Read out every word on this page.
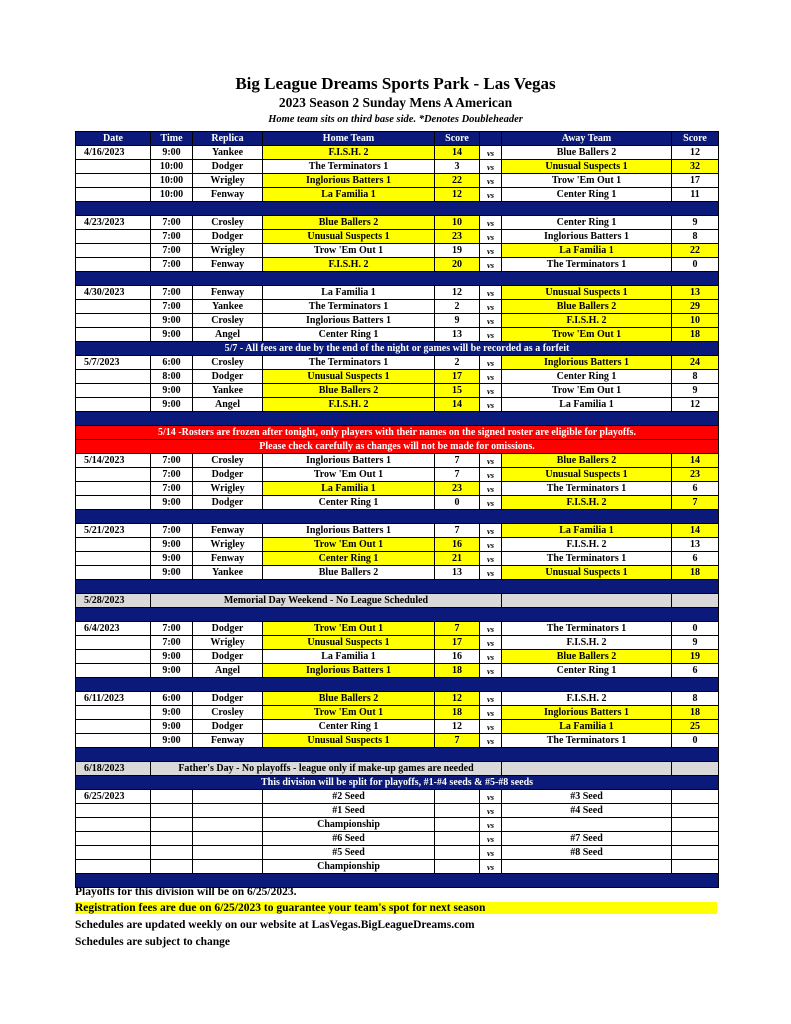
Big League Dreams Sports Park - Las Vegas
2023 Season 2 Sunday Mens A American
Home team sits on third base side. *Denotes Doubleheader
Date	Time	Replica	Home Team	Score		Away Team	Score
4/16/2023	9:00	Yankee	F.I.S.H. 2	14	vs	Blue Ballers 2	12
	10:00	Dodger	The Terminators 1	3	vs	Unusual Suspects 1	32
	10:00	Wrigley	Inglorious Batters 1	22	vs	Trow 'Em Out 1	17
	10:00	Fenway	La Familia 1	12	vs	Center Ring 1	11

4/23/2023	7:00	Crosley	Blue Ballers 2	10	vs	Center Ring 1	9
	7:00	Dodger	Unusual Suspects 1	23	vs	Inglorious Batters 1	8
	7:00	Wrigley	Trow 'Em Out 1	19	vs	La Familia 1	22
	7:00	Fenway	F.I.S.H. 2	20	vs	The Terminators 1	0

4/30/2023	7:00	Fenway	La Familia 1	12	vs	Unusual Suspects 1	13
	7:00	Yankee	The Terminators 1	2	vs	Blue Ballers 2	29
	9:00	Crosley	Inglorious Batters 1	9	vs	F.I.S.H. 2	10
	9:00	Angel	Center Ring 1	13	vs	Trow 'Em Out 1	18
5/7 - All fees are due by the end of the night or games will be recorded as a forfeit							
5/7/2023	6:00	Crosley	The Terminators 1	2	vs	Inglorious Batters 1	24
	8:00	Dodger	Unusual Suspects 1	17	vs	Center Ring 1	8
	9:00	Yankee	Blue Ballers 2	15	vs	Trow 'Em Out 1	9
	9:00	Angel	F.I.S.H. 2	14	vs	La Familia 1	12

5/14 -Rosters are frozen after tonight, only players with their names on the signed roster are eligible for playoffs.							
Please check carefully as changes will not be made for omissions.							
5/14/2023	7:00	Crosley	Inglorious Batters 1	7	vs	Blue Ballers 2	14
	7:00	Dodger	Trow 'Em Out 1	7	vs	Unusual Suspects 1	23
	7:00	Wrigley	La Familia 1	23	vs	The Terminators 1	6
	9:00	Dodger	Center Ring 1	0	vs	F.I.S.H. 2	7

5/21/2023	7:00	Fenway	Inglorious Batters 1	7	vs	La Familia 1	14
	9:00	Wrigley	Trow 'Em Out 1	16	vs	F.I.S.H. 2	13
	9:00	Fenway	Center Ring 1	21	vs	The Terminators 1	6
	9:00	Yankee	Blue Ballers 2	13	vs	Unusual Suspects 1	18

5/28/2023	Memorial Day Weekend - No League Scheduled						

6/4/2023	7:00	Dodger	Trow 'Em Out 1	7	vs	The Terminators 1	0
	7:00	Wrigley	Unusual Suspects 1	17	vs	F.I.S.H. 2	9
	9:00	Dodger	La Familia 1	16	vs	Blue Ballers 2	19
	9:00	Angel	Inglorious Batters 1	18	vs	Center Ring 1	6

6/11/2023	6:00	Dodger	Blue Ballers 2	12	vs	F.I.S.H. 2	8
	9:00	Crosley	Trow 'Em Out 1	18	vs	Inglorious Batters 1	18
	9:00	Dodger	Center Ring 1	12	vs	La Familia 1	25
	9:00	Fenway	Unusual Suspects 1	7	vs	The Terminators 1	0

6/18/2023	Father's Day - No playoffs - league only if make-up games are needed						
This division will be split for playoffs, #1-#4 seeds & #5-#8 seeds							
6/25/2023			#2 Seed		vs	#3 Seed	
			#1 Seed		vs	#4 Seed	
			Championship		vs		
			#6 Seed		vs	#7 Seed	
			#5 Seed		vs	#8 Seed	
			Championship		vs		

Playoffs for this division will be on 6/25/2023.
Registration fees are due on 6/25/2023 to guarantee your team's spot for next season
Schedules are updated weekly on our website at LasVegas.BigLeagueDreams.com
Schedules are subject to change
